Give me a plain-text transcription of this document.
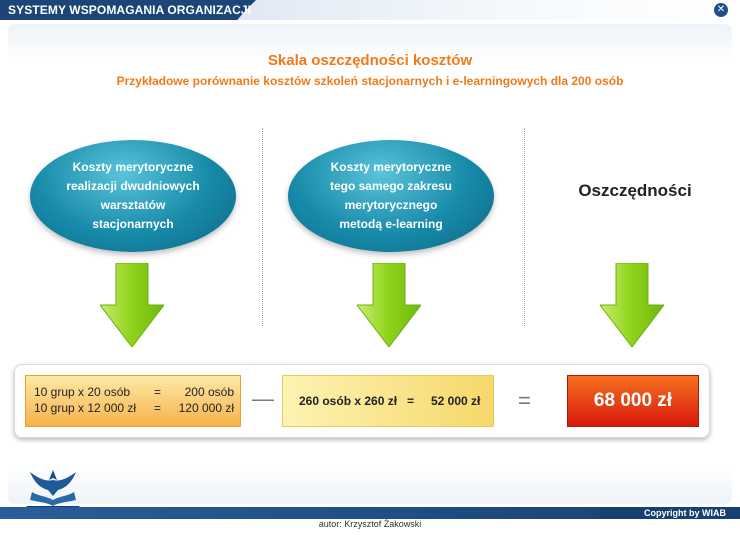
SYSTEMY WSPOMAGANIA ORGANIZACJI	✕
Skala oszczędności kosztów
Przykładowe porównanie kosztów szkoleń stacjonarnych i e-learningowych dla 200 osób
Koszty merytoryczne
realizacji dwudniowych
warsztatów
stacjonarnych
Koszty merytoryczne
tego samego zakresu
merytorycznego
metodą e-learning
Oszczędności
10 grup x 20 osób = 200 osób
10 grup x 12 000 zł = 120 000 zł — 260 osób x 260 zł = 52 000 zł =	68 000 zł
Copyright by WIAB
autor: Krzysztof Żakowski
